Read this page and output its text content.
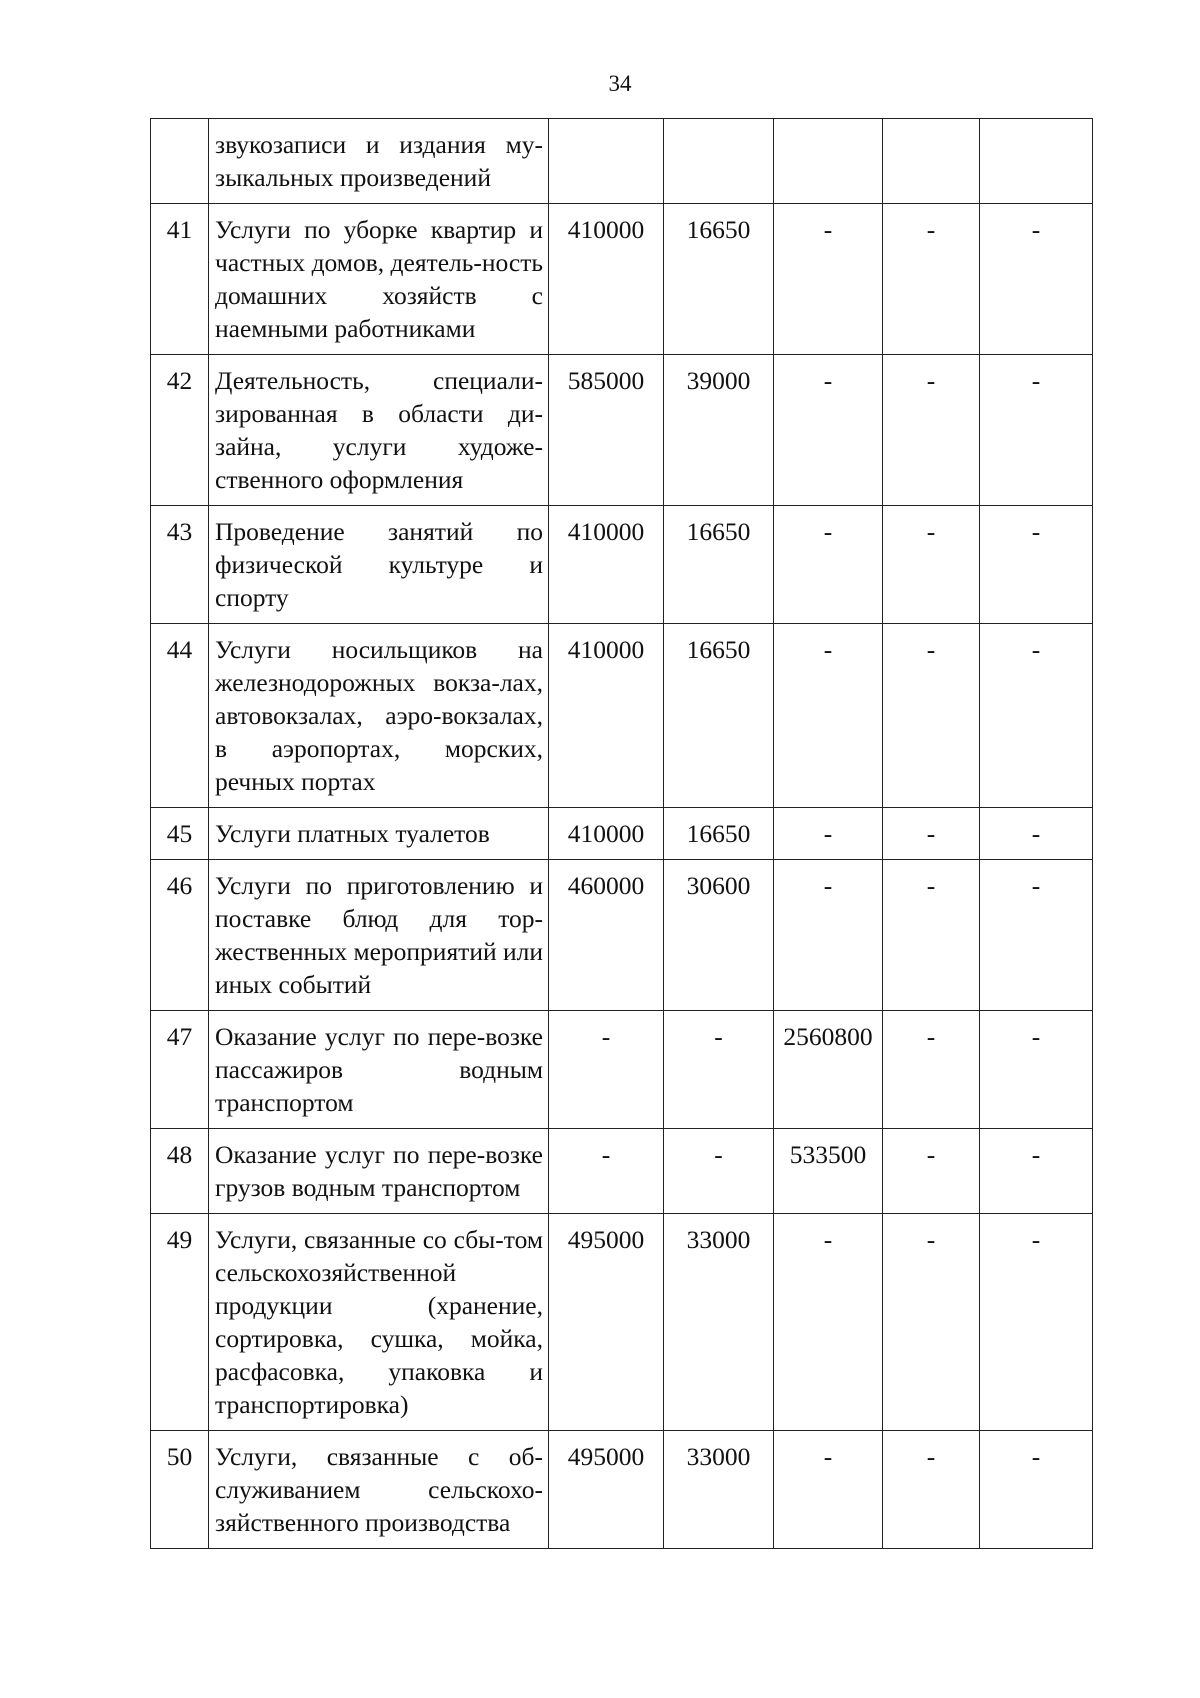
34
	звукозаписи и издания му-зыкальных произведений					
41	Услуги по уборке квартир и частных домов, деятель-ность домашних хозяйств с наемными работниками	410000	16650	-	-	-
42	Деятельность, специали-зированная в области ди-зайна, услуги художе-ственного оформления	585000	39000	-	-	-
43	Проведение занятий по физической культуре и спорту	410000	16650	-	-	-
44	Услуги носильщиков на железнодорожных вокза-лах, автовокзалах, аэро-вокзалах, в аэропортах, морских, речных портах	410000	16650	-	-	-
45	Услуги платных туалетов	410000	16650	-	-	-
46	Услуги по приготовлению и поставке блюд для тор-жественных мероприятий или иных событий	460000	30600	-	-	-
47	Оказание услуг по пере-возке пассажиров водным транспортом	-	-	2560800	-	-
48	Оказание услуг по пере-возке грузов водным транспортом	-	-	533500	-	-
49	Услуги, связанные со сбы-том сельскохозяйственной продукции (хранение, сортировка, сушка, мойка, расфасовка, упаковка и транспортировка)	495000	33000	-	-	-
50	Услуги, связанные с об-служиванием сельскохо-зяйственного производства	495000	33000	-	-	-
